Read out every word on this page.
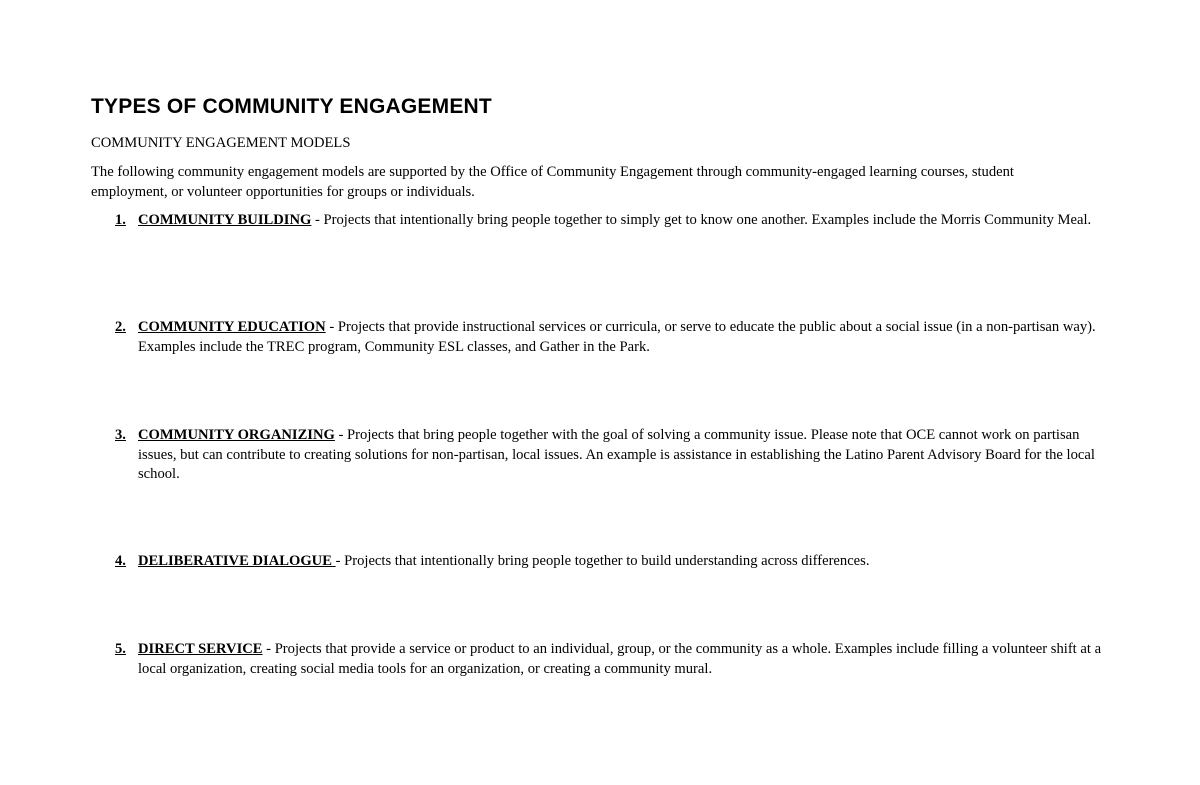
TYPES OF COMMUNITY ENGAGEMENT
COMMUNITY ENGAGEMENT MODELS
The following community engagement models are supported by the Office of Community Engagement through community-engaged learning courses, student employment, or volunteer opportunities for groups or individuals.
1. COMMUNITY BUILDING - Projects that intentionally bring people together to simply get to know one another. Examples include the Morris Community Meal.
2. COMMUNITY EDUCATION - Projects that provide instructional services or curricula, or serve to educate the public about a social issue (in a non-partisan way). Examples include the TREC program, Community ESL classes, and Gather in the Park.
3. COMMUNITY ORGANIZING - Projects that bring people together with the goal of solving a community issue. Please note that OCE cannot work on partisan issues, but can contribute to creating solutions for non-partisan, local issues. An example is assistance in establishing the Latino Parent Advisory Board for the local school.
4. DELIBERATIVE DIALOGUE - Projects that intentionally bring people together to build understanding across differences.
5. DIRECT SERVICE - Projects that provide a service or product to an individual, group, or the community as a whole. Examples include filling a volunteer shift at a local organization, creating social media tools for an organization, or creating a community mural.
